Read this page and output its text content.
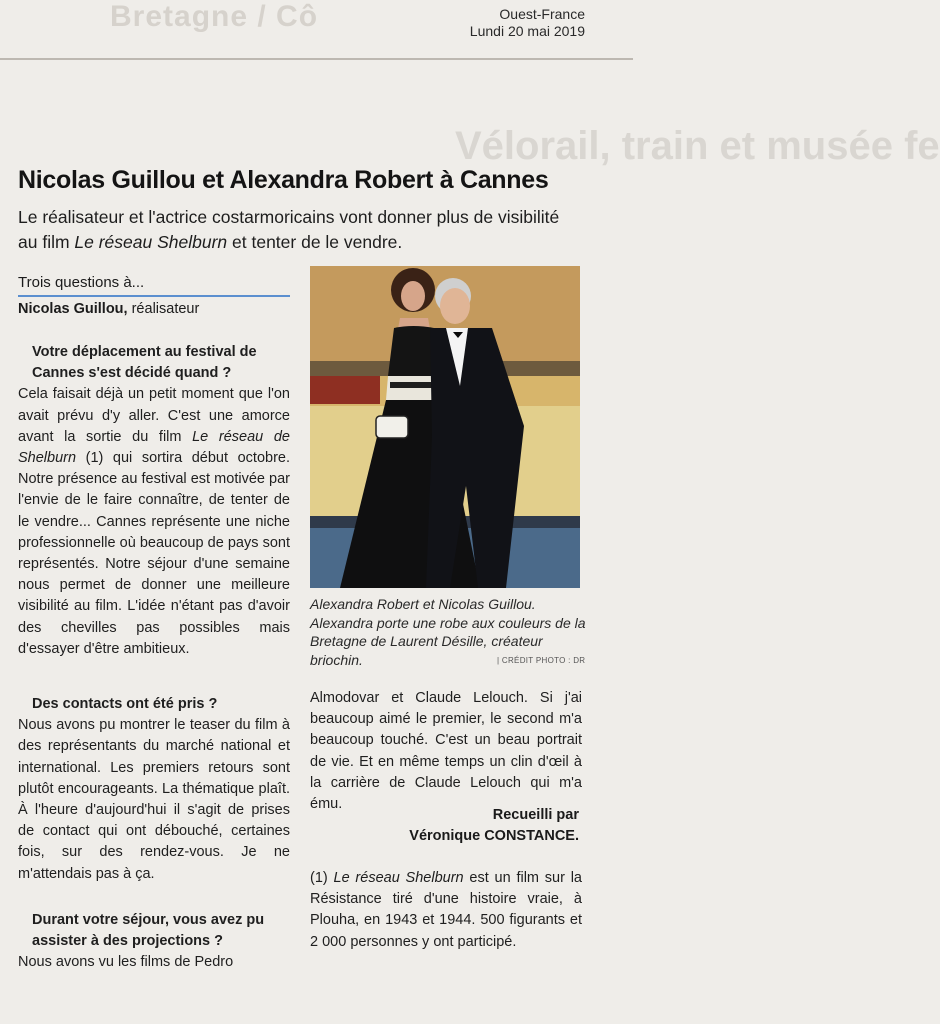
Bretagne / Cô
Vélorail, train et musée fe
Ouest-France
Lundi 20 mai 2019
Nicolas Guillou et Alexandra Robert à Cannes
Le réalisateur et l'actrice costarmoricains vont donner plus de visibilité au film Le réseau Shelburn et tenter de le vendre.
Trois questions à...
Nicolas Guillou, réalisateur
Votre déplacement au festival de Cannes s'est décidé quand ?
Cela faisait déjà un petit moment que l'on avait prévu d'y aller. C'est une amorce avant la sortie du film Le réseau de Shelburn (1) qui sortira début octobre. Notre présence au festival est motivée par l'envie de le faire connaître, de tenter de le vendre... Cannes représente une niche professionnelle où beaucoup de pays sont représentés. Notre séjour d'une semaine nous permet de donner une meilleure visibilité au film. L'idée n'étant pas d'avoir des chevilles pas possibles mais d'essayer d'être ambitieux.
Des contacts ont été pris ?
Nous avons pu montrer le teaser du film à des représentants du marché national et international. Les premiers retours sont plutôt encourageants. La thématique plaît. À l'heure d'aujourd'hui il s'agit de prises de contact qui ont débouché, certaines fois, sur des rendez-vous. Je ne m'attendais pas à ça.
Durant votre séjour, vous avez pu assister à des projections ?
Nous avons vu les films de Pedro
Alexandra Robert et Nicolas Guillou.
Alexandra porte une robe aux couleurs de la Bretagne de Laurent Désille, créateur briochin.	| CRÉDIT PHOTO : DR
Almodovar et Claude Lelouch. Si j'ai beaucoup aimé le premier, le second m'a beaucoup touché. C'est un beau portrait de vie. Et en même temps un clin d'œil à la carrière de Claude Lelouch qui m'a ému.
Recueilli par
Véronique CONSTANCE.
(1) Le réseau Shelburn est un film sur la Résistance tiré d'une histoire vraie, à Plouha, en 1943 et 1944. 500 figurants et 2 000 personnes y ont participé.
